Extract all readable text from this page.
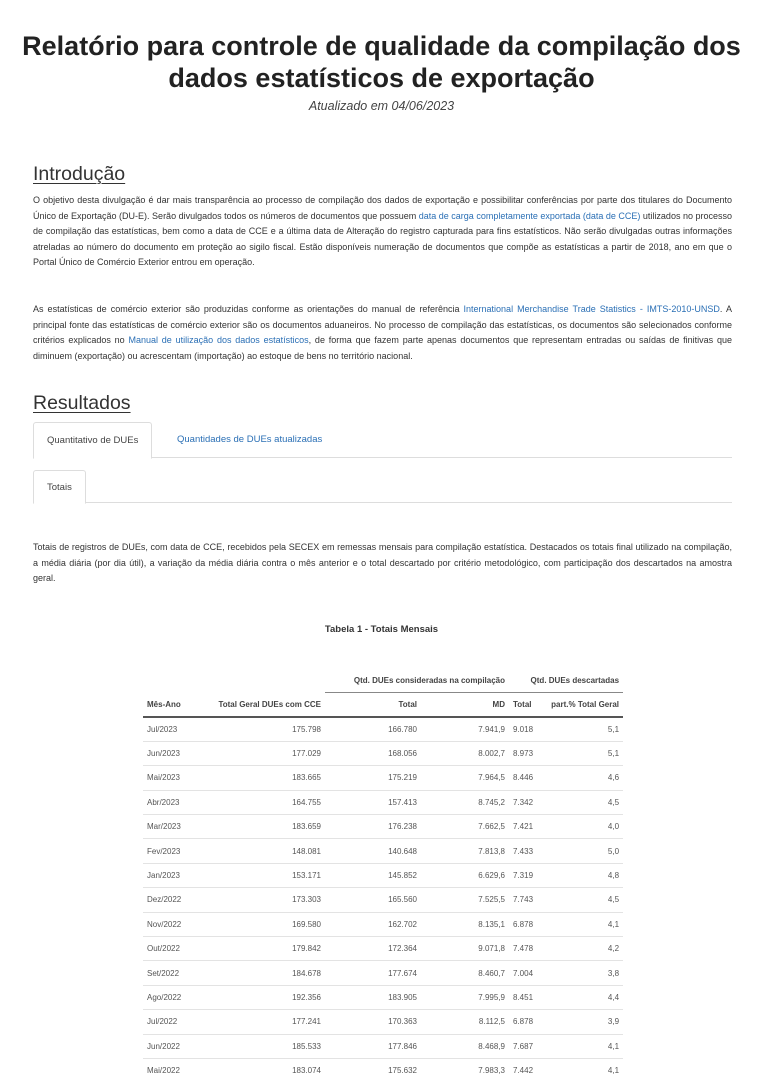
Relatório para controle de qualidade da compilação dos dados estatísticos de exportação
Atualizado em 04/06/2023
Introdução
O objetivo desta divulgação é dar mais transparência ao processo de compilação dos dados de exportação e possibilitar conferências por parte dos titulares do Documento Único de Exportação (DU-E). Serão divulgados todos os números de documentos que possuem data de carga completamente exportada (data de CCE) utilizados no processo de compilação das estatísticas, bem como a data de CCE e a última data de Alteração do registro capturada para fins estatísticos. Não serão divulgadas outras informações atreladas ao número do documento em proteção ao sigilo fiscal. Estão disponíveis numeração de documentos que compõe as estatísticas a partir de 2018, ano em que o Portal Único de Comércio Exterior entrou em operação.
As estatísticas de comércio exterior são produzidas conforme as orientações do manual de referência International Merchandise Trade Statistics - IMTS-2010-UNSD. A principal fonte das estatísticas de comércio exterior são os documentos aduaneiros. No processo de compilação das estatísticas, os documentos são selecionados conforme critérios explicados no Manual de utilização dos dados estatísticos, de forma que fazem parte apenas documentos que representam entradas ou saídas de finitivas que diminuem (exportação) ou acrescentam (importação) ao estoque de bens no território nacional.
Resultados
Quantitativo de DUEs	Quantidades de DUEs atualizadas
Totais
Totais de registros de DUEs, com data de CCE, recebidos pela SECEX em remessas mensais para compilação estatística. Destacados os totais final utilizado na compilação, a média diária (por dia útil), a variação da média diária contra o mês anterior e o total descartado por critério metodológico, com participação dos descartados na amostra geral.
Tabela 1 - Totais Mensais
		Qtd. DUEs consideradas na compilação		Qtd. DUEs descartadas	
Mês-Ano	Total Geral DUEs com CCE	Total	MD	Total	part.% Total Geral
Jul/2023	175.798	166.780	7.941,9	9.018	5,1
Jun/2023	177.029	168.056	8.002,7	8.973	5,1
Mai/2023	183.665	175.219	7.964,5	8.446	4,6
Abr/2023	164.755	157.413	8.745,2	7.342	4,5
Mar/2023	183.659	176.238	7.662,5	7.421	4,0
Fev/2023	148.081	140.648	7.813,8	7.433	5,0
Jan/2023	153.171	145.852	6.629,6	7.319	4,8
Dez/2022	173.303	165.560	7.525,5	7.743	4,5
Nov/2022	169.580	162.702	8.135,1	6.878	4,1
Out/2022	179.842	172.364	9.071,8	7.478	4,2
Set/2022	184.678	177.674	8.460,7	7.004	3,8
Ago/2022	192.356	183.905	7.995,9	8.451	4,4
Jul/2022	177.241	170.363	8.112,5	6.878	3,9
Jun/2022	185.533	177.846	8.468,9	7.687	4,1
Mai/2022	183.074	175.632	7.983,3	7.442	4,1
